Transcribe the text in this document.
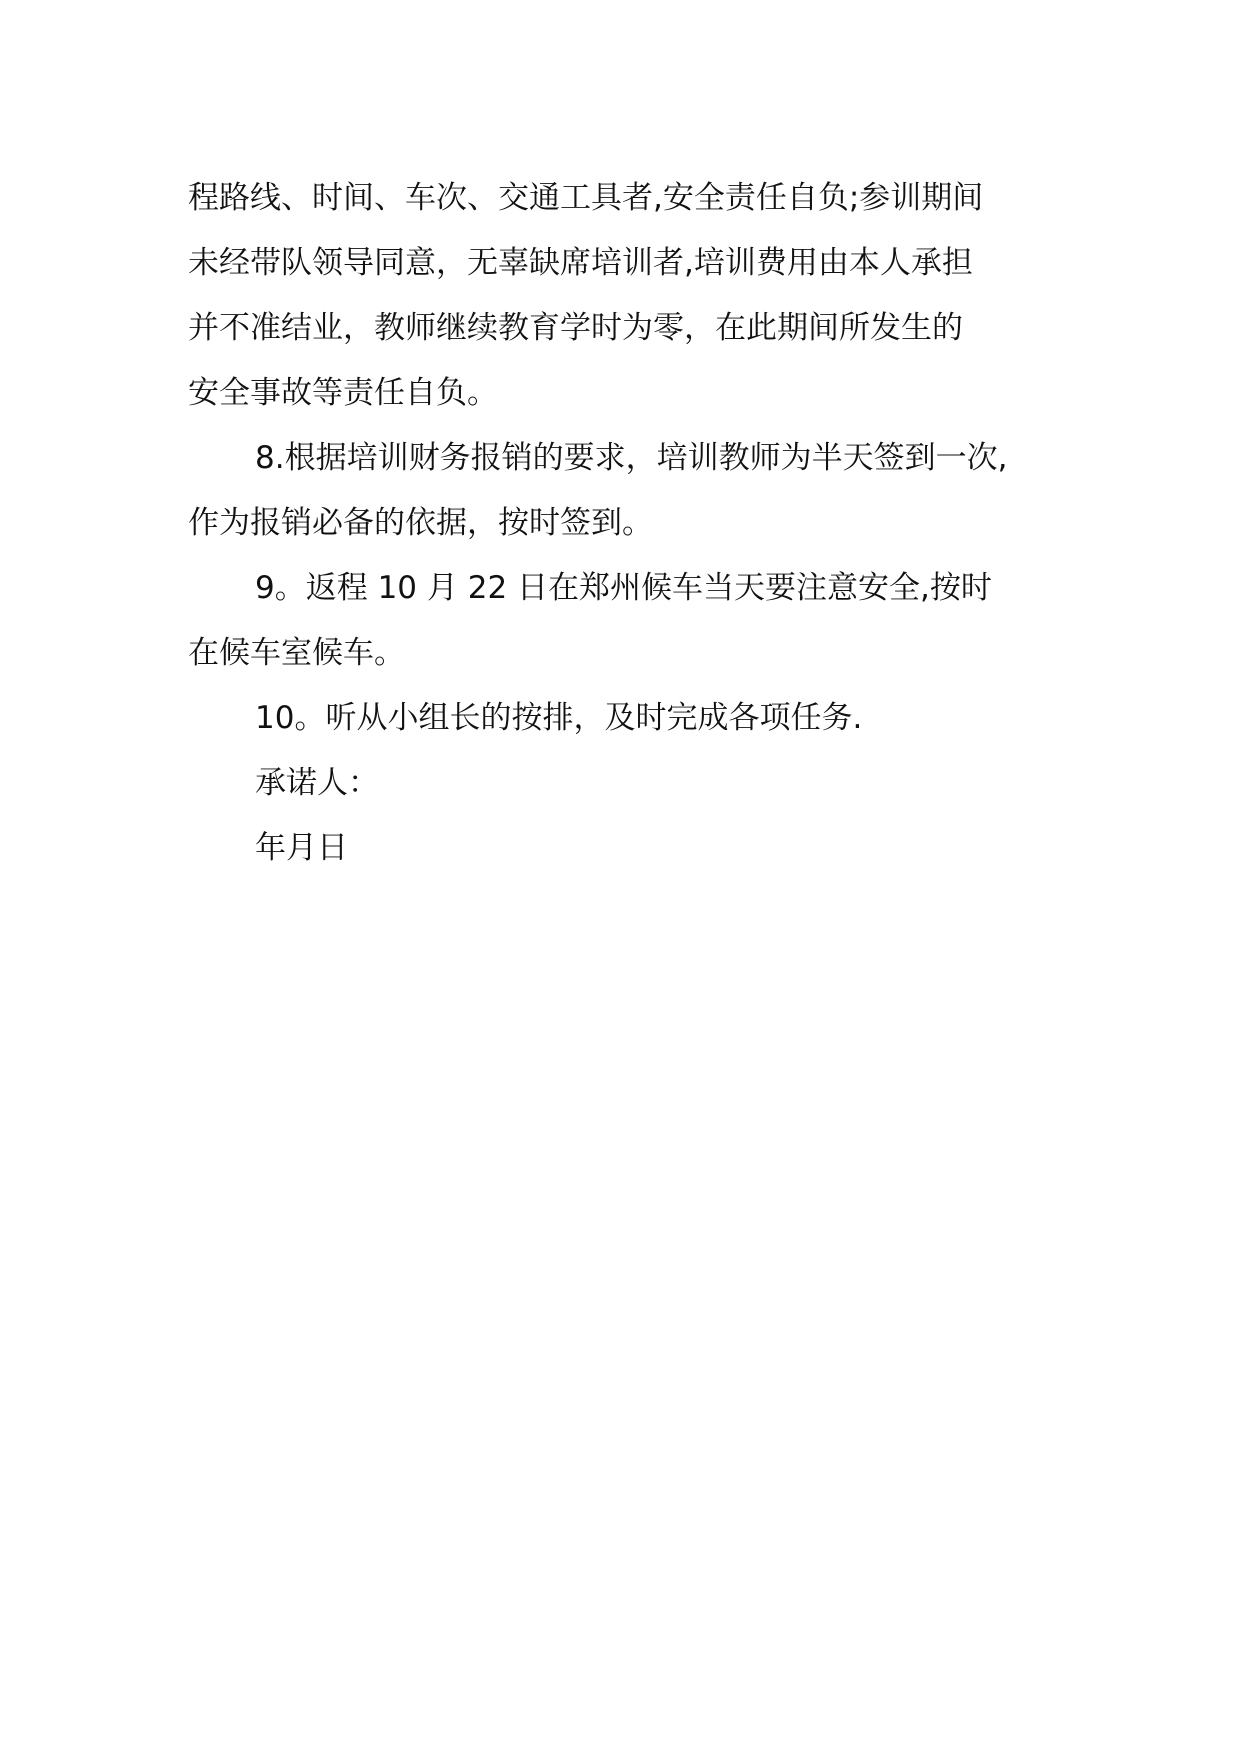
程路线、时间、车次、交通工具者,安全责任自负;参训期间
未经带队领导同意，无辜缺席培训者,培训费用由本人承担
并不准结业，教师继续教育学时为零，在此期间所发生的
安全事故等责任自负。
8.根据培训财务报销的要求，培训教师为半天签到一次,
作为报销必备的依据，按时签到。
9。返程 10 月 22 日在郑州候车当天要注意安全,按时
在候车室候车。
10。听从小组长的按排，及时完成各项任务.
承诺人：
年月日
